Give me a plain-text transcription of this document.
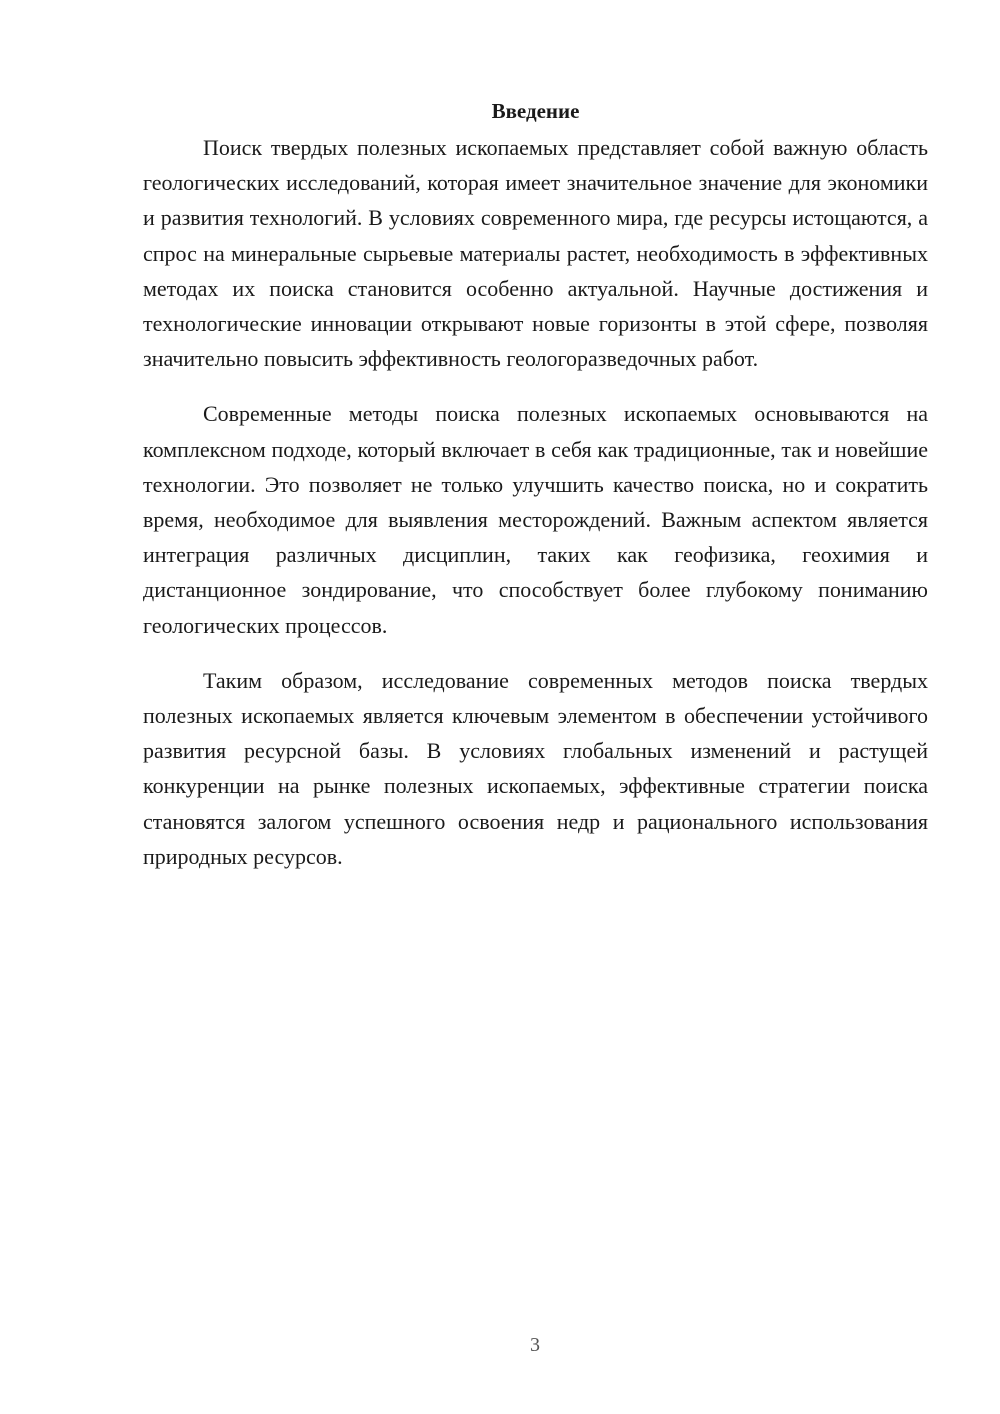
Введение

Поиск твердых полезных ископаемых представляет собой важную область геологических исследований, которая имеет значительное значение для экономики и развития технологий. В условиях современного мира, где ресурсы истощаются, а спрос на минеральные сырьевые материалы растет, необходимость в эффективных методах их поиска становится особенно актуальной. Научные достижения и технологические инновации открывают новые горизонты в этой сфере, позволяя значительно повысить эффективность геологоразведочных работ.

Современные методы поиска полезных ископаемых основываются на комплексном подходе, который включает в себя как традиционные, так и новейшие технологии. Это позволяет не только улучшить качество поиска, но и сократить время, необходимое для выявления месторождений. Важным аспектом является интеграция различных дисциплин, таких как геофизика, геохимия и дистанционное зондирование, что способствует более глубокому пониманию геологических процессов.

Таким образом, исследование современных методов поиска твердых полезных ископаемых является ключевым элементом в обеспечении устойчивого развития ресурсной базы. В условиях глобальных изменений и растущей конкуренции на рынке полезных ископаемых, эффективные стратегии поиска становятся залогом успешного освоения недр и рационального использования природных ресурсов.

3
